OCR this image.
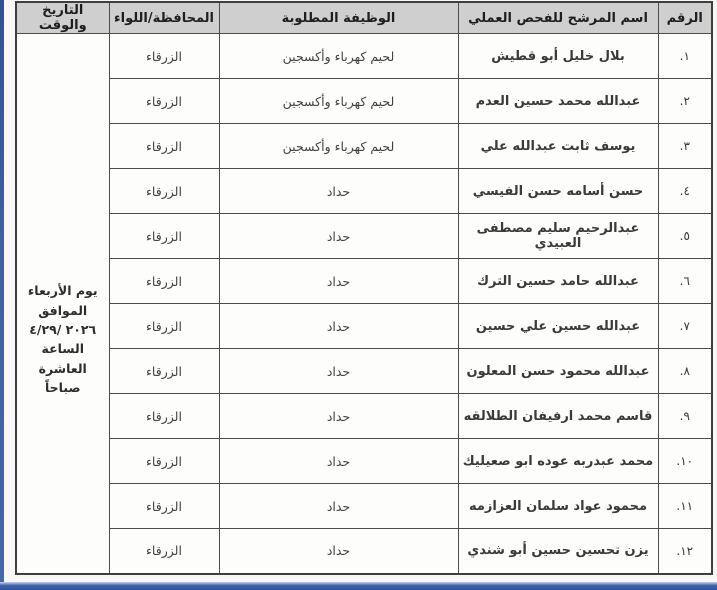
الرقم	اسم المرشح للفحص العملي	الوظيفة المطلوبة	المحافظة/اللواء	التاريخ والوقت
١.	بلال خليل أبو قطيش	لحيم كهرباء وأكسجين	الزرقاء	يوم الأربعاء
الموافق
٢٠٢٦ /٤/٢٩
الساعة العاشرة
صباحاً

٢.	عبدالله محمد حسين العدم	لحيم كهرباء وأكسجين	الزرقاء	
٣.	يوسف ثابت عبدالله علي	لحيم كهرباء وأكسجين	الزرقاء	
٤.	حسن أسامه حسن الفيسي	حداد	الزرقاء	
٥.	عبدالرحيم سليم مصطفى العبيدي	حداد	الزرقاء	
٦.	عبدالله حامد حسين الترك	حداد	الزرقاء	
٧.	عبدالله حسين علي حسين	حداد	الزرقاء	
٨.	عبدالله محمود حسن المعلون	حداد	الزرقاء	
٩.	قاسم محمد ارفيفان الطلالقه	حداد	الزرقاء	
١٠.	محمد عبدربه عوده ابو صعيليك	حداد	الزرقاء	
١١.	محمود عواد سلمان العزازمه	حداد	الزرقاء	
١٢.	يزن تحسين حسين أبو شندي	حداد	الزرقاء	
